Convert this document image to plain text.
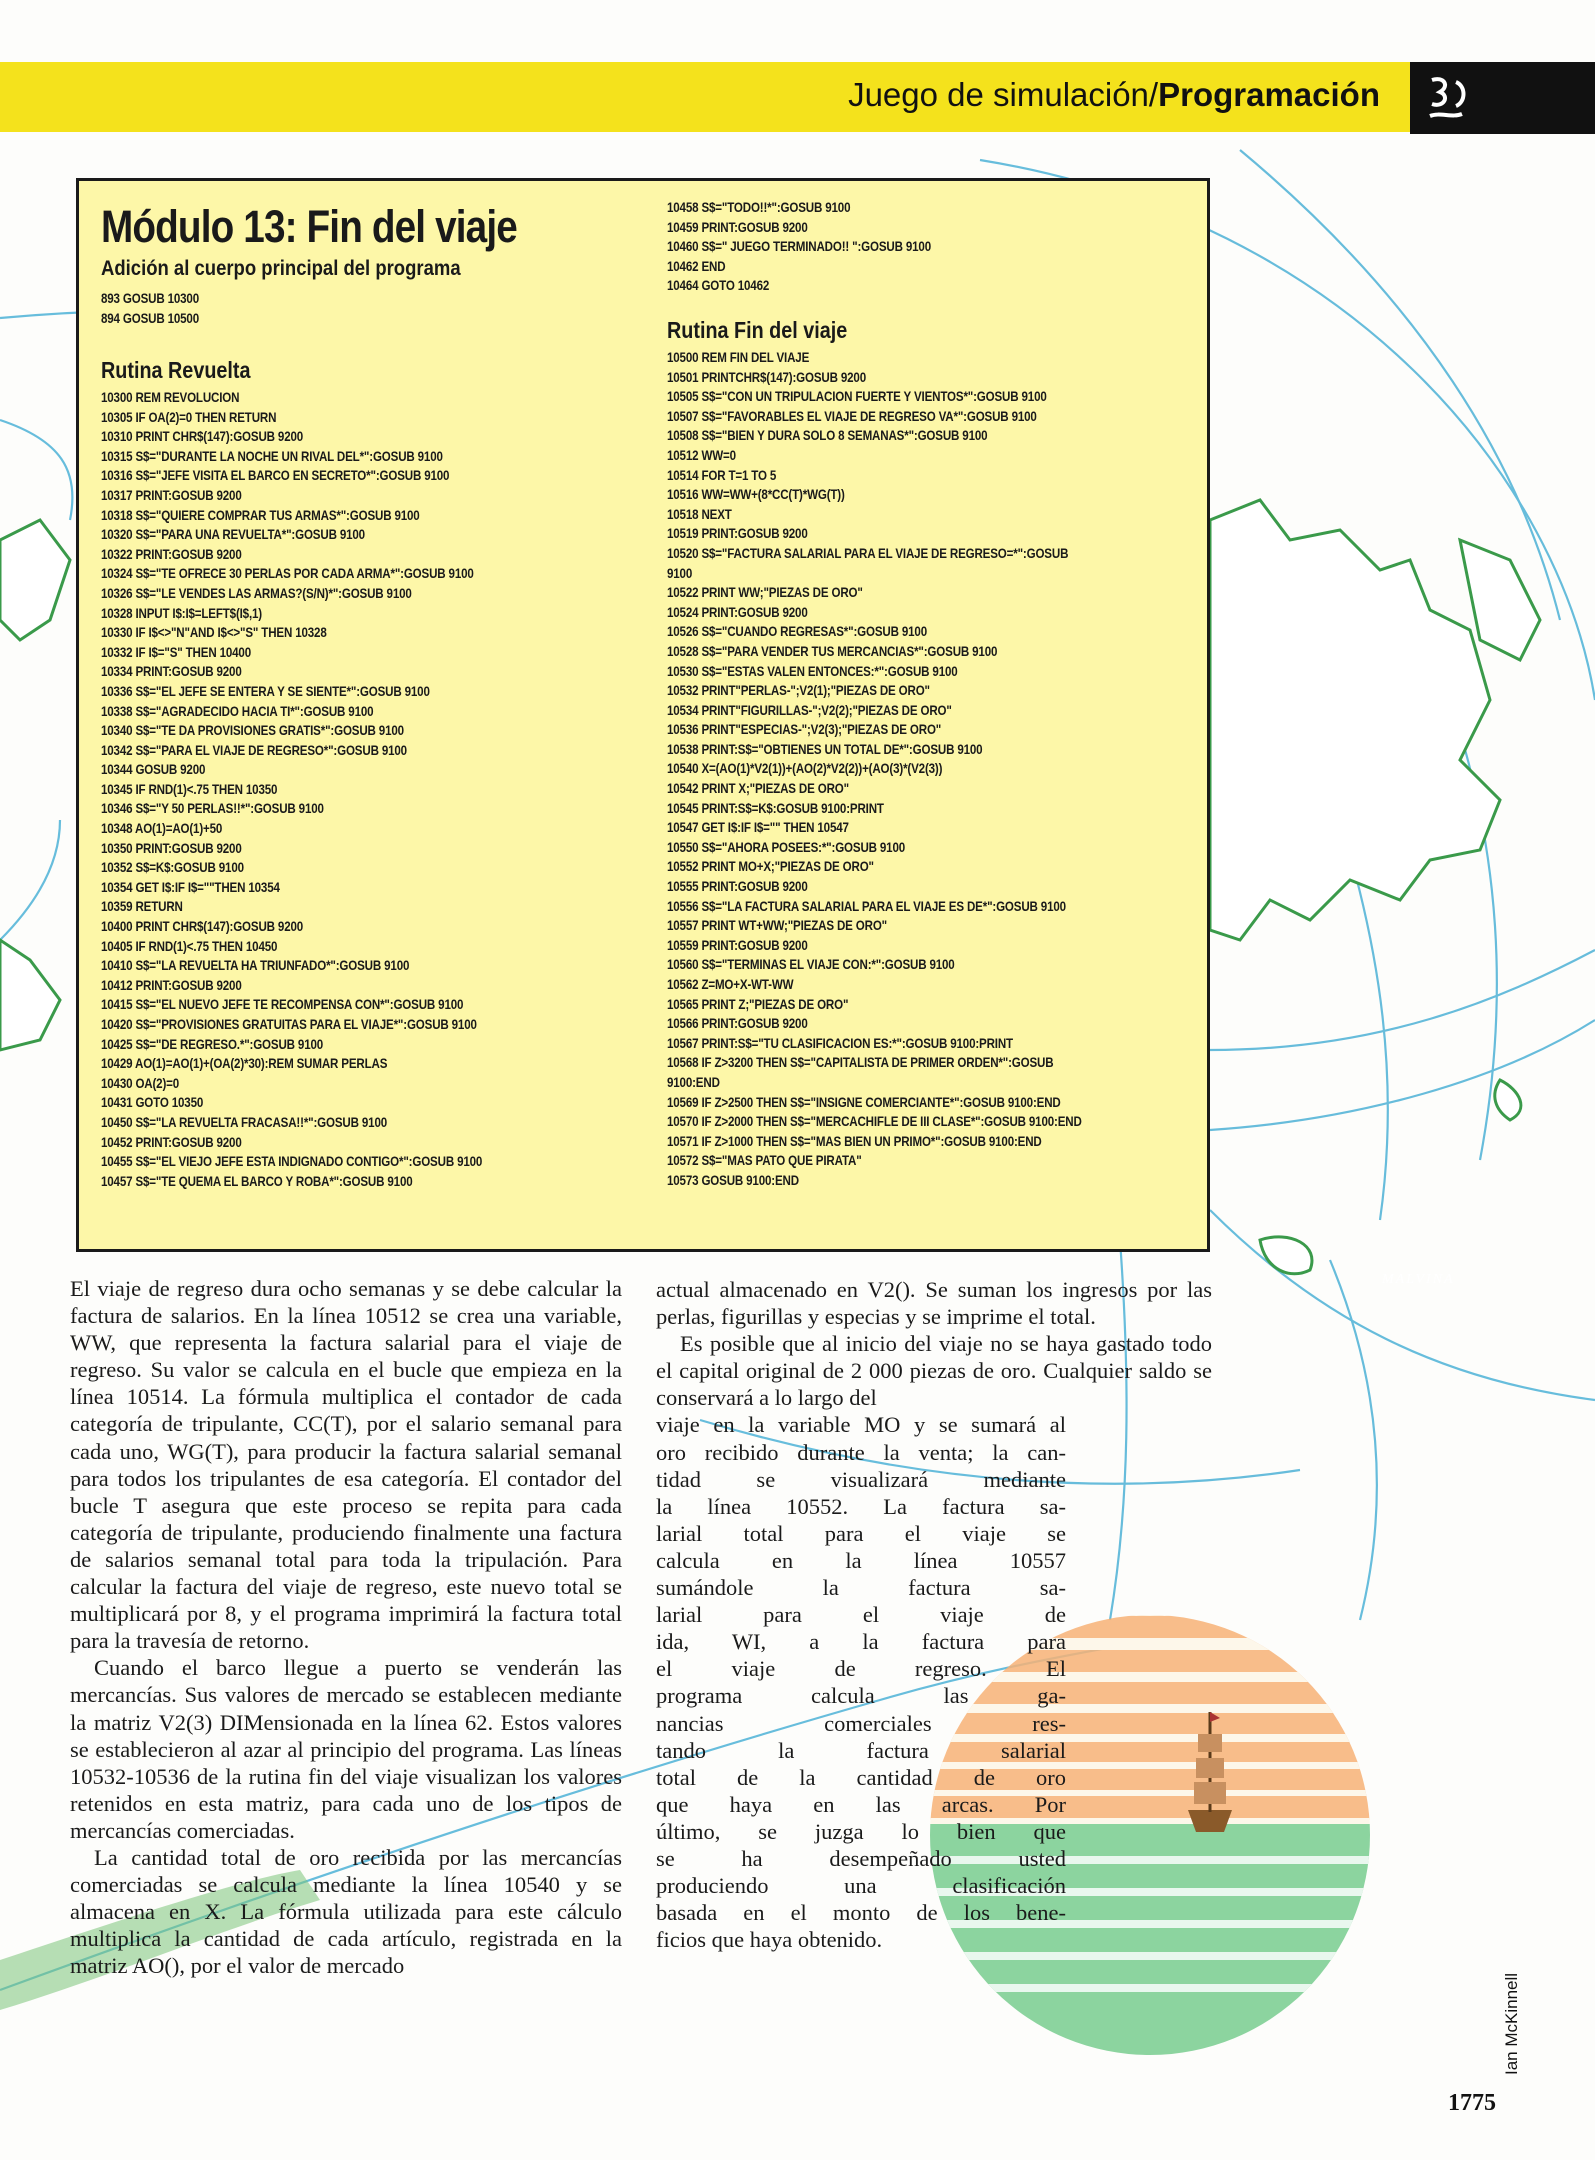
Juego de simulación/Programación
Módulo 13: Fin del viaje
Adición al cuerpo principal del programa
893 GOSUB 10300
894 GOSUB 10500
Rutina Revuelta
10300 REM REVOLUCION
10305 IF OA(2)=0 THEN RETURN
10310 PRINT CHR$(147):GOSUB 9200
10315 S$="DURANTE LA NOCHE UN RIVAL DEL*":GOSUB 9100
10316 S$="JEFE VISITA EL BARCO EN SECRETO*":GOSUB 9100
10317 PRINT:GOSUB 9200
10318 S$="QUIERE COMPRAR TUS ARMAS*":GOSUB 9100
10320 S$="PARA UNA REVUELTA*":GOSUB 9100
10322 PRINT:GOSUB 9200
10324 S$="TE OFRECE 30 PERLAS POR CADA ARMA*":GOSUB 9100
10326 S$="LE VENDES LAS ARMAS?(S/N)*":GOSUB 9100
10328 INPUT I$:I$=LEFT$(I$,1)
10330 IF I$<>"N"AND I$<>"S" THEN 10328
10332 IF I$="S" THEN 10400
10334 PRINT:GOSUB 9200
10336 S$="EL JEFE SE ENTERA Y SE SIENTE*":GOSUB 9100
10338 S$="AGRADECIDO HACIA TI*":GOSUB 9100
10340 S$="TE DA PROVISIONES GRATIS*":GOSUB 9100
10342 S$="PARA EL VIAJE DE REGRESO*":GOSUB 9100
10344 GOSUB 9200
10345 IF RND(1)<.75 THEN 10350
10346 S$="Y 50 PERLAS!!*":GOSUB 9100
10348 AO(1)=AO(1)+50
10350 PRINT:GOSUB 9200
10352 S$=K$:GOSUB 9100
10354 GET I$:IF I$=""THEN 10354
10359 RETURN
10400 PRINT CHR$(147):GOSUB 9200
10405 IF RND(1)<.75 THEN 10450
10410 S$="LA REVUELTA HA TRIUNFADO*":GOSUB 9100
10412 PRINT:GOSUB 9200
10415 S$="EL NUEVO JEFE TE RECOMPENSA CON*":GOSUB 9100
10420 S$="PROVISIONES GRATUITAS PARA EL VIAJE*":GOSUB 9100
10425 S$="DE REGRESO.*":GOSUB 9100
10429 AO(1)=AO(1)+(OA(2)*30):REM SUMAR PERLAS
10430 OA(2)=0
10431 GOTO 10350
10450 S$="LA REVUELTA FRACASA!!*":GOSUB 9100
10452 PRINT:GOSUB 9200
10455 S$="EL VIEJO JEFE ESTA INDIGNADO CONTIGO*":GOSUB 9100
10457 S$="TE QUEMA EL BARCO Y ROBA*":GOSUB 9100
10458 S$="TODO!!*":GOSUB 9100
10459 PRINT:GOSUB 9200
10460 S$=" JUEGO TERMINADO!! ":GOSUB 9100
10462 END
10464 GOTO 10462
Rutina Fin del viaje
10500 REM FIN DEL VIAJE
10501 PRINTCHR$(147):GOSUB 9200
10505 S$="CON UN TRIPULACION FUERTE Y VIENTOS*":GOSUB 9100
10507 S$="FAVORABLES EL VIAJE DE REGRESO VA*":GOSUB 9100
10508 S$="BIEN Y DURA SOLO 8 SEMANAS*":GOSUB 9100
10512 WW=0
10514 FOR T=1 TO 5
10516 WW=WW+(8*CC(T)*WG(T))
10518 NEXT
10519 PRINT:GOSUB 9200
10520 S$="FACTURA SALARIAL PARA EL VIAJE DE REGRESO=*":GOSUB
9100
10522 PRINT WW;"PIEZAS DE ORO"
10524 PRINT:GOSUB 9200
10526 S$="CUANDO REGRESAS*":GOSUB 9100
10528 S$="PARA VENDER TUS MERCANCIAS*":GOSUB 9100
10530 S$="ESTAS VALEN ENTONCES:*":GOSUB 9100
10532 PRINT"PERLAS-";V2(1);"PIEZAS DE ORO"
10534 PRINT"FIGURILLAS-";V2(2);"PIEZAS DE ORO"
10536 PRINT"ESPECIAS-";V2(3);"PIEZAS DE ORO"
10538 PRINT:S$="OBTIENES UN TOTAL DE*":GOSUB 9100
10540 X=(AO(1)*V2(1))+(AO(2)*V2(2))+(AO(3)*(V2(3))
10542 PRINT X;"PIEZAS DE ORO"
10545 PRINT:S$=K$:GOSUB 9100:PRINT
10547 GET I$:IF I$="" THEN 10547
10550 S$="AHORA POSEES:*":GOSUB 9100
10552 PRINT MO+X;"PIEZAS DE ORO"
10555 PRINT:GOSUB 9200
10556 S$="LA FACTURA SALARIAL PARA EL VIAJE ES DE*":GOSUB 9100
10557 PRINT WT+WW;"PIEZAS DE ORO"
10559 PRINT:GOSUB 9200
10560 S$="TERMINAS EL VIAJE CON:*":GOSUB 9100
10562 Z=MO+X-WT-WW
10565 PRINT Z;"PIEZAS DE ORO"
10566 PRINT:GOSUB 9200
10567 PRINT:S$="TU CLASIFICACION ES:*":GOSUB 9100:PRINT
10568 IF Z>3200 THEN S$="CAPITALISTA DE PRIMER ORDEN*":GOSUB
9100:END
10569 IF Z>2500 THEN S$="INSIGNE COMERCIANTE*":GOSUB 9100:END
10570 IF Z>2000 THEN S$="MERCACHIFLE DE III CLASE*":GOSUB 9100:END
10571 IF Z>1000 THEN S$="MAS BIEN UN PRIMO*":GOSUB 9100:END
10572 S$="MAS PATO QUE PIRATA"
10573 GOSUB 9100:END

El viaje de regreso dura ocho semanas y se debe calcular la factura de salarios. En la línea 10512 se crea una variable, WW, que representa la factura salarial para el viaje de regreso. Su valor se calcula en el bucle que empieza en la línea 10514. La fórmula multiplica el contador de cada categoría de tripulante, CC(T), por el salario semanal para cada uno, WG(T), para producir la factura salarial semanal para todos los tripulantes de esa categoría. El contador del bucle T asegura que este proceso se repita para cada categoría de tripulante, produciendo finalmente una factura de salarios semanal total para toda la tripulación. Para calcular la factura del viaje de regreso, este nuevo total se multiplicará por 8, y el programa imprimirá la factura total para la travesía de retorno.

Cuando el barco llegue a puerto se venderán las mercancías. Sus valores de mercado se establecen mediante la matriz V2(3) DIMensionada en la línea 62. Estos valores se establecieron al azar al principio del programa. Las líneas 10532-10536 de la rutina fin del viaje visualizan los valores retenidos en esta matriz, para cada uno de los tipos de mercancías comerciadas.

La cantidad total de oro recibida por las mercancías comerciadas se calcula mediante la línea 10540 y se almacena en X. La fórmula utilizada para este cálculo multiplica la cantidad de cada artículo, registrada en la matriz AO(), por el valor de mercado

actual almacenado en V2(). Se suman los ingresos por las perlas, figurillas y especias y se imprime el total.

Es posible que al inicio del viaje no se haya gastado todo el capital original de 2 000 piezas de oro. Cualquier saldo se conservará a lo largo del

viaje en la variable MO y se sumará al
oro recibido durante la venta; la can-
tidad se visualizará mediante
la línea 10552. La factura sa-
larial total para el viaje se
calcula en la línea 10557
sumándole la factura sa-
larial para el viaje de
ida, WI, a la factura para
el viaje de regreso. El
programa calcula las ga-
nancias comerciales res-
tando la factura salarial
total de la cantidad de oro
que haya en las arcas. Por
último, se juzga lo bien que
se ha desempeñado usted
produciendo una clasificación
basada en el monto de los bene-
ficios que haya obtenido.
MALVINA
Ian McKinnell
1775
